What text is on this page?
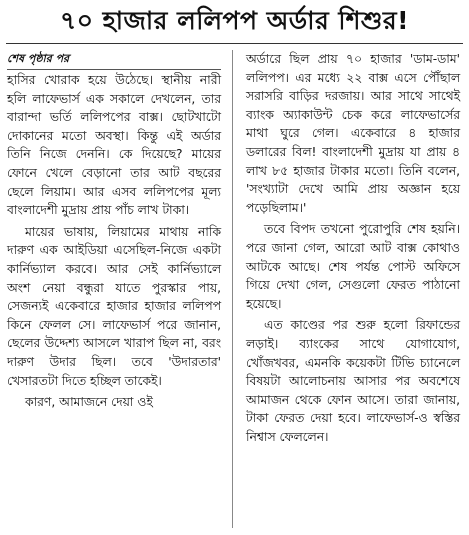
৭০ হাজার ললিপপ অর্ডার শিশুর!
শেষ পৃষ্ঠার পর

হাসির খোরাক হয়ে উঠেছে। স্থানীয় নারী হলি লাফেভার্স এক সকালে দেখলেন, তার বারান্দা ভর্তি ললিপপের বাক্স। ছোটখাটো দোকানের মতো অবস্থা। কিন্তু এই অর্ডার তিনি নিজে দেননি। কে দিয়েছে? মায়ের ফোনে খেলে বেড়ানো তার আট বছরের ছেলে লিয়াম। আর এসব ললিপপের মূল্য বাংলাদেশী মুদ্রায় প্রায় পাঁচ লাখ টাকা।

মায়ের ভাষায়, লিয়ামের মাথায় নাকি দারুণ এক আইডিয়া এসেছিল-নিজে একটা কার্নিভ্যাল করবে। আর সেই কার্নিভ্যালে অংশ নেয়া বন্ধুরা যাতে পুরস্কার পায়, সেজন্যই একেবারে হাজার হাজার ললিপপ কিনে ফেলল সে। লাফেভার্স পরে জানান, ছেলের উদ্দেশ্য আসলে খারাপ ছিল না, বরং দারুণ উদার ছিল। তবে 'উদারতার' খেসারতটা দিতে হচ্ছিল তাকেই।

কারণ, আমাজনে দেয়া ওই

অর্ডারে ছিল প্রায় ৭০ হাজার 'ডাম-ডাম' ললিপপ। এর মধ্যে ২২ বাক্স এসে পৌঁছাল সরাসরি বাড়ির দরজায়। আর সাথে সাথেই ব্যাংক অ্যাকাউন্ট চেক করে লাফেভার্সের মাথা ঘুরে গেল। একেবারে ৪ হাজার ডলারের বিল! বাংলাদেশী মুদ্রায় যা প্রায় ৪ লাখ ৮৫ হাজার টাকার মতো। তিনি বলেন, 'সংখ্যাটা দেখে আমি প্রায় অজ্ঞান হয়ে পড়েছিলাম।'

তবে বিপদ তখনো পুরোপুরি শেষ হয়নি। পরে জানা গেল, আরো আট বাক্স কোথাও আটকে আছে। শেষ পর্যন্ত পোস্ট অফিসে গিয়ে দেখা গেল, সেগুলো ফেরত পাঠানো হয়েছে।

এত কাণ্ডের পর শুরু হলো রিফান্ডের লড়াই। ব্যাংকের সাথে যোগাযোগ, খোঁজখবর, এমনকি কয়েকটা টিভি চ্যানেলে বিষয়টা আলোচনায় আসার পর অবশেষে আমাজন থেকে ফোন আসে। তারা জানায়, টাকা ফেরত দেয়া হবে। লাফেভার্স-ও স্বস্তির নিশ্বাস ফেললেন।
